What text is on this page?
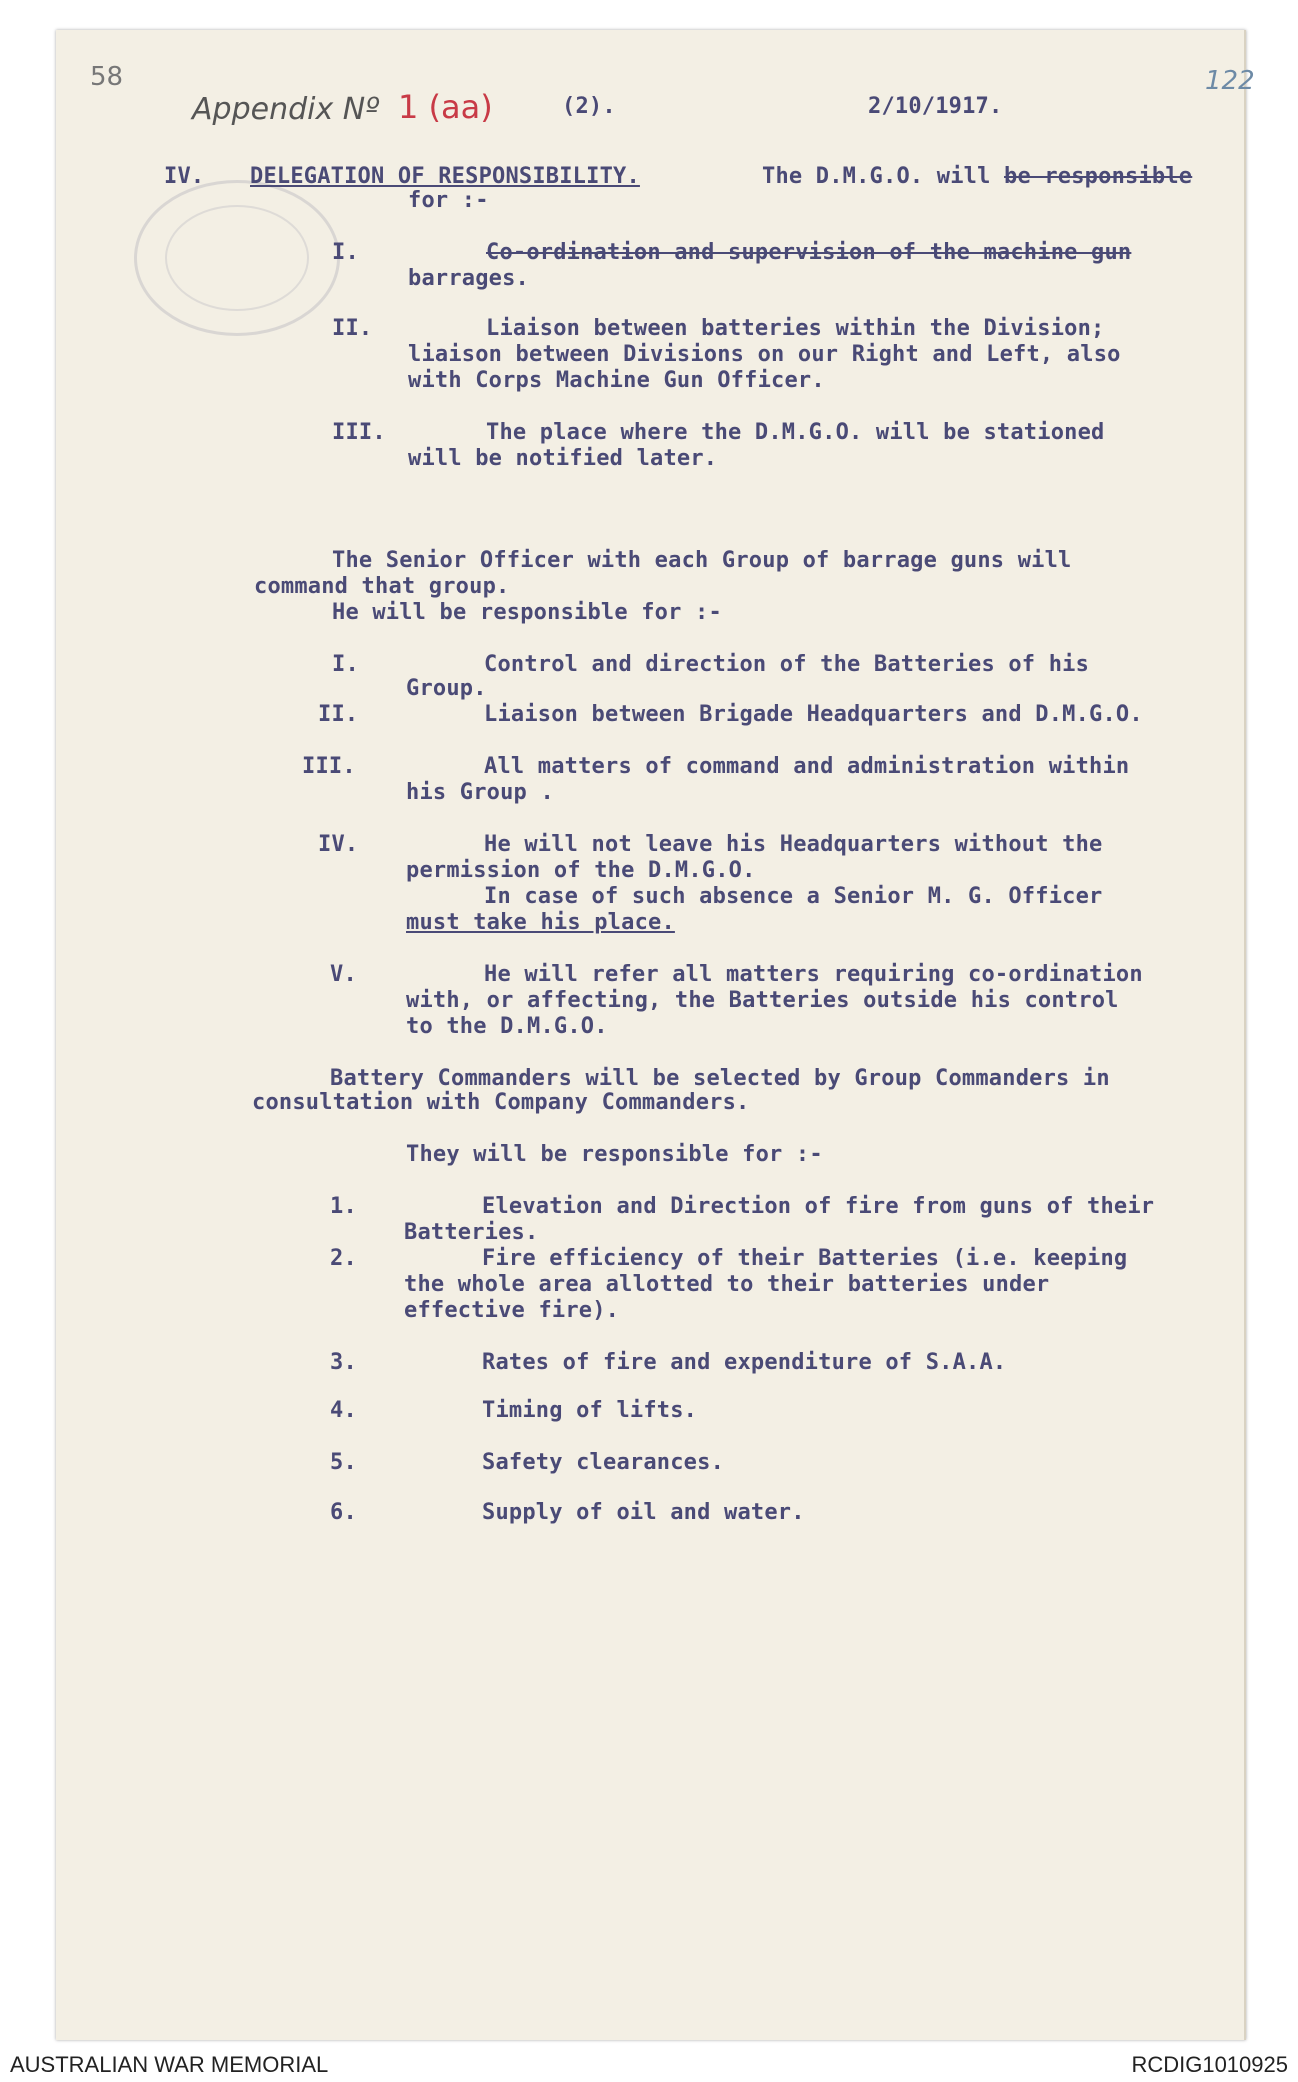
58	122
Appendix Nº 1 (aa)	(2).	2/10/1917.
IV. DELEGATION OF RESPONSIBILITY.	The D.M.G.O. will be responsible
for :-
I.	Co-ordination and supervision of the machine gun
barrages.
II.	Liaison between batteries within the Division;
liaison between Divisions on our Right and Left, also
with Corps Machine Gun Officer.
III.	The place where the D.M.G.O. will be stationed
will be notified later.
The Senior Officer with each Group of barrage guns will
command that group.
He will be responsible for :-
I.	Control and direction of the Batteries of his
Group.
II.	Liaison between Brigade Headquarters and D.M.G.O.
III.	All matters of command and administration within
his Group .
IV.	He will not leave his Headquarters without the
permission of the D.M.G.O.
In case of such absence a Senior M. G. Officer
must take his place.
V.	He will refer all matters requiring co-ordination
with, or affecting, the Batteries outside his control
to the D.M.G.O.
Battery Commanders will be selected by Group Commanders in
consultation with Company Commanders.
They will be responsible for :-
1.	Elevation and Direction of fire from guns of their
Batteries.
2.	Fire efficiency of their Batteries (i.e. keeping
the whole area allotted to their batteries under
effective fire).
3.	Rates of fire and expenditure of S.A.A.
4.	Timing of lifts.
5.	Safety clearances.
6.	Supply of oil and water.
AUSTRALIAN WAR MEMORIAL	RCDIG1010925
